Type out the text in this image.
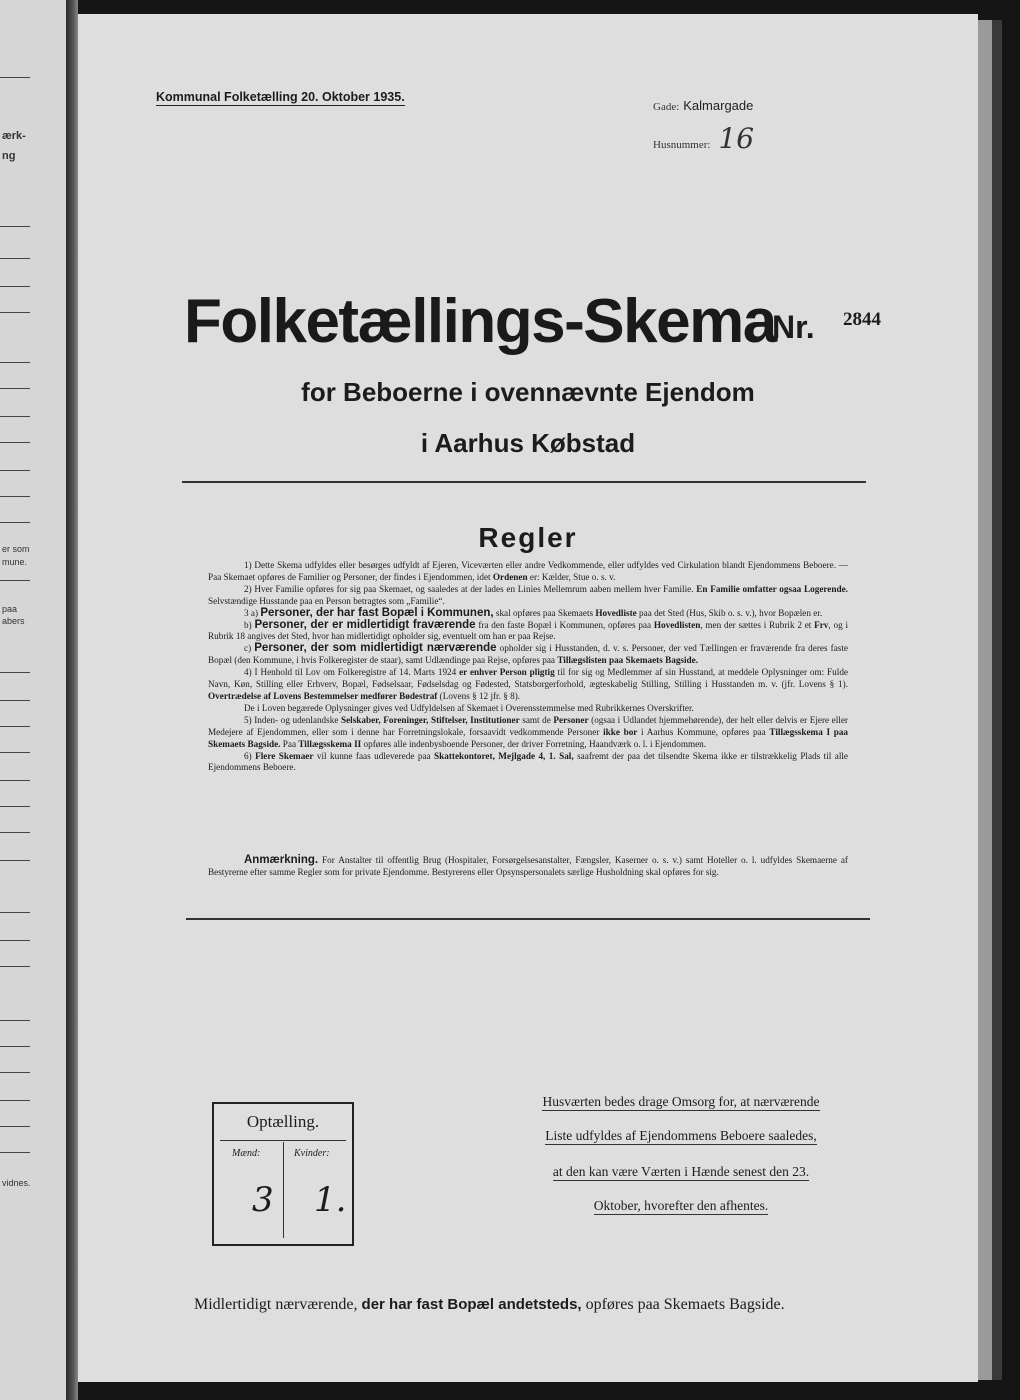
ærk-
ng
er som
mune.
paa
abers
vidnes.
Kommunal Folketælling 20. Oktober 1935.
Gade: Kalmargade
Husnummer: 16
Folketællings-Skema
Nr. 2844
for Beboerne i ovennævnte Ejendom
i Aarhus Købstad
Regler

1) Dette Skema udfyldes eller besørges udfyldt af Ejeren, Viceværten eller andre Vedkommende, eller udfyldes ved Cirkulation blandt Ejendommens Beboere. — Paa Skemaet opføres de Familier og Personer, der findes i Ejendommen, idet Ordenen er: Kælder, Stue o. s. v.

2) Hver Familie opføres for sig paa Skemaet, og saaledes at der lades en Linies Mellemrum aaben mellem hver Familie. En Familie omfatter ogsaa Logerende. Selvstændige Husstande paa en Person betragtes som „Familie“.

3 a) Personer, der har fast Bopæl i Kommunen, skal opføres paa Skemaets Hovedliste paa det Sted (Hus, Skib o. s. v.), hvor Bopælen er.

b) Personer, der er midlertidigt fraværende fra den faste Bopæl i Kommunen, opføres paa Hovedlisten, men der sættes i Rubrik 2 et Frv, og i Rubrik 18 angives det Sted, hvor han midlertidigt opholder sig, eventuelt om han er paa Rejse.

c) Personer, der som midlertidigt nærværende opholder sig i Husstanden, d. v. s. Personer, der ved Tællingen er fraværende fra deres faste Bopæl (den Kommune, i hvis Folkeregister de staar), samt Udlændinge paa Rejse, opføres paa Tillægslisten paa Skemaets Bagside.

4) I Henhold til Lov om Folkeregistre af 14. Marts 1924 er enhver Person pligtig til for sig og Medlemmer af sin Husstand, at meddele Oplysninger om: Fulde Navn, Køn, Stilling eller Erhverv, Bopæl, Fødselsaar, Fødselsdag og Fødested, Statsborgerforhold, ægteskabelig Stilling, Stilling i Husstanden m. v. (jfr. Lovens § 1). Overtrædelse af Lovens Bestemmelser medfører Bødestraf (Lovens § 12 jfr. § 8).

De i Loven begærede Oplysninger gives ved Udfyldelsen af Skemaet i Overensstemmelse med Rubrikkernes Overskrifter.

5) Inden- og udenlandske Selskaber, Foreninger, Stiftelser, Institutioner samt de Personer (ogsaa i Udlandet hjemmehørende), der helt eller delvis er Ejere eller Medejere af Ejendommen, eller som i denne har Forretningslokale, forsaavidt vedkommende Personer ikke bor i Aarhus Kommune, opføres paa Tillægsskema I paa Skemaets Bagside. Paa Tillægsskema II opføres alle indenbysboende Personer, der driver Forretning, Haandværk o. l. i Ejendommen.

6) Flere Skemaer vil kunne faas udleverede paa Skattekontoret, Mejlgade 4, 1. Sal, saafremt der paa det tilsendte Skema ikke er tilstrækkelig Plads til alle Ejendommens Beboere.

Anmærkning. For Anstalter til offentlig Brug (Hospitaler, Forsørgelsesanstalter, Fængsler, Kaserner o. s. v.) samt Hoteller o. l. udfyldes Skemaerne af Bestyrerne efter samme Regler som for private Ejendomme. Bestyrerens eller Opsynspersonalets særlige Husholdning skal opføres for sig.

Optælling.
Mænd:	Kvinder:
3 1.
Husværten bedes drage Omsorg for, at nærværende
Liste udfyldes af Ejendommens Beboere saaledes,
at den kan være Værten i Hænde senest den 23.
Oktober, hvorefter den afhentes.
Midlertidigt nærværende, der har fast Bopæl andetsteds, opføres paa Skemaets Bagside.
